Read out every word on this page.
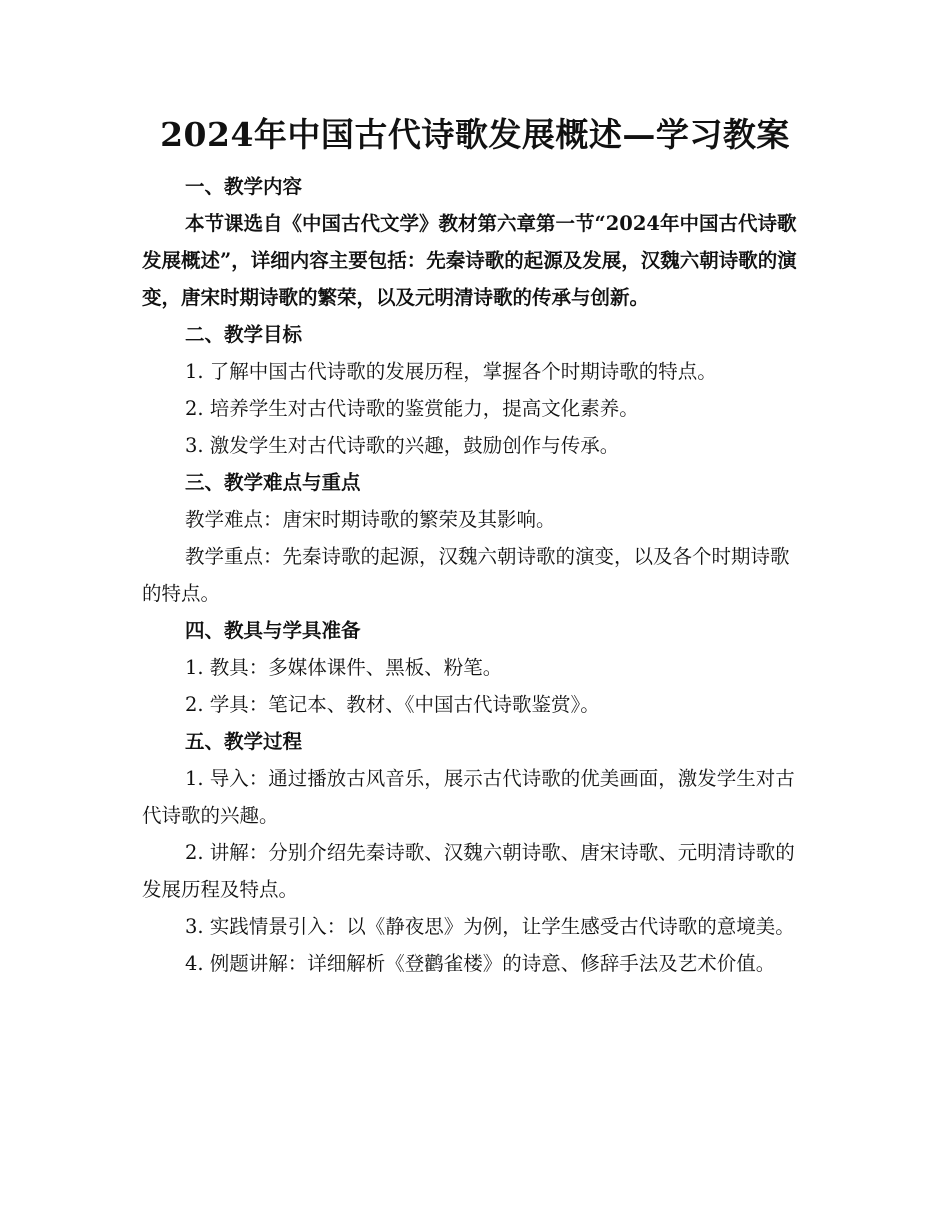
2024年中国古代诗歌发展概述—学习教案

一、教学内容

本节课选自《中国古代文学》教材第六章第一节“2024年中国古代诗歌发展概述”，详细内容主要包括：先秦诗歌的起源及发展，汉魏六朝诗歌的演变，唐宋时期诗歌的繁荣，以及元明清诗歌的传承与创新。

二、教学目标

1. 了解中国古代诗歌的发展历程，掌握各个时期诗歌的特点。

2. 培养学生对古代诗歌的鉴赏能力，提高文化素养。

3. 激发学生对古代诗歌的兴趣，鼓励创作与传承。

三、教学难点与重点

教学难点：唐宋时期诗歌的繁荣及其影响。

教学重点：先秦诗歌的起源，汉魏六朝诗歌的演变，以及各个时期诗歌的特点。

四、教具与学具准备

1. 教具：多媒体课件、黑板、粉笔。

2. 学具：笔记本、教材、《中国古代诗歌鉴赏》。

五、教学过程

1. 导入：通过播放古风音乐，展示古代诗歌的优美画面，激发学生对古代诗歌的兴趣。

2. 讲解：分别介绍先秦诗歌、汉魏六朝诗歌、唐宋诗歌、元明清诗歌的发展历程及特点。

3. 实践情景引入：以《静夜思》为例，让学生感受古代诗歌的意境美。

4. 例题讲解：详细解析《登鹳雀楼》的诗意、修辞手法及艺术价值。
